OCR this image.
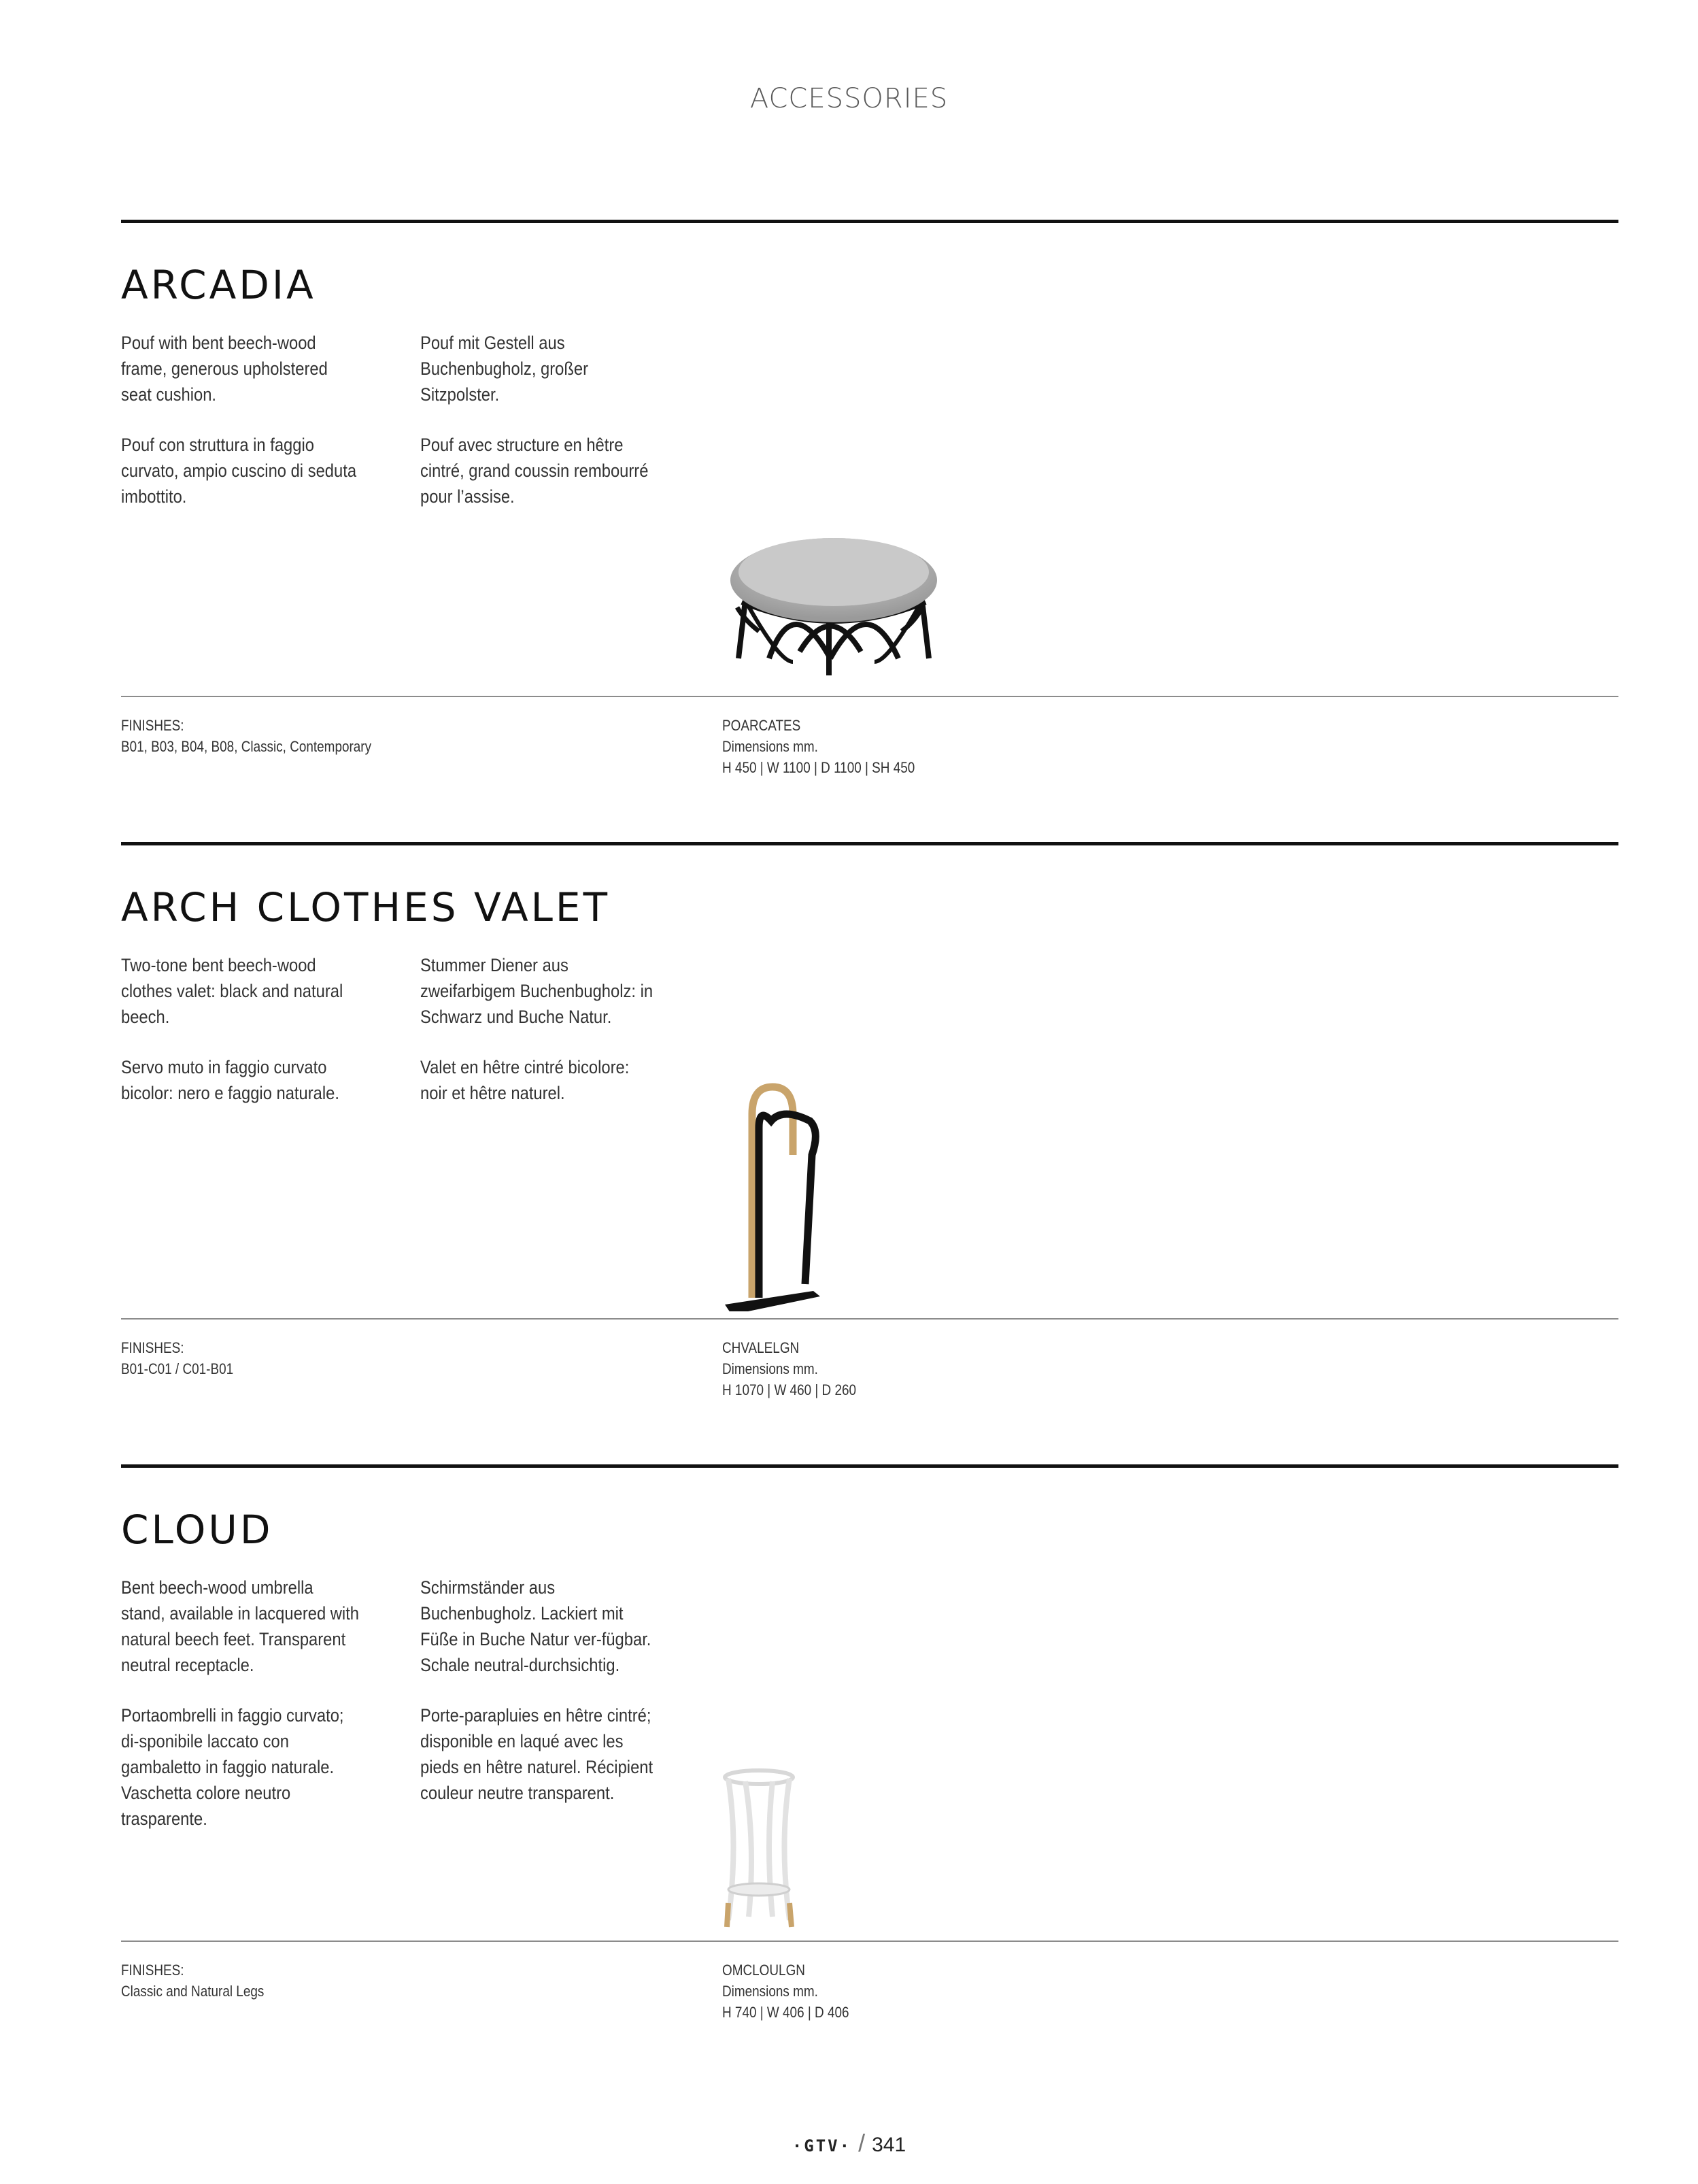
ACCESSORIES
ARCADIA
Pouf with bent beech-wood frame, generous upholstered seat cushion.
Pouf mit Gestell aus Buchenbugholz, großer Sitzpolster.
Pouf con struttura in faggio curvato, ampio cuscino di seduta imbottito.
Pouf avec structure en hêtre cintré, grand coussin rembourré pour l’assise.
FINISHES:
B01, B03, B04, B08, Classic, Contemporary
POARCATES
Dimensions mm.
H 450 | W 1100 | D 1100 | SH 450
ARCH CLOTHES VALET
Two-tone bent beech-wood clothes valet: black and natural beech.
Stummer Diener aus zweifarbigem Buchenbugholz: in Schwarz und Buche Natur.
Servo muto in faggio curvato bicolor: nero e faggio naturale.
Valet en hêtre cintré bicolore: noir et hêtre naturel.
FINISHES:
B01-C01 / C01-B01
CHVALELGN
Dimensions mm.
H 1070 | W 460 | D 260
CLOUD
Bent beech-wood umbrella stand, available in lacquered with natural beech feet. Transparent neutral receptacle.
Schirmständer aus Buchenbugholz. Lackiert mit Füße in Buche Natur ver-fügbar. Schale neutral-durchsichtig.
Portaombrelli in faggio curvato; di-sponibile laccato con gambaletto in faggio naturale. Vaschetta colore neutro trasparente.
Porte-parapluies en hêtre cintré; disponible en laqué avec les pieds en hêtre naturel. Récipient couleur neutre transparent.
FINISHES:
Classic and Natural Legs
OMCLOULGN
Dimensions mm.
H 740 | W 406 | D 406
·GTV· / 341
